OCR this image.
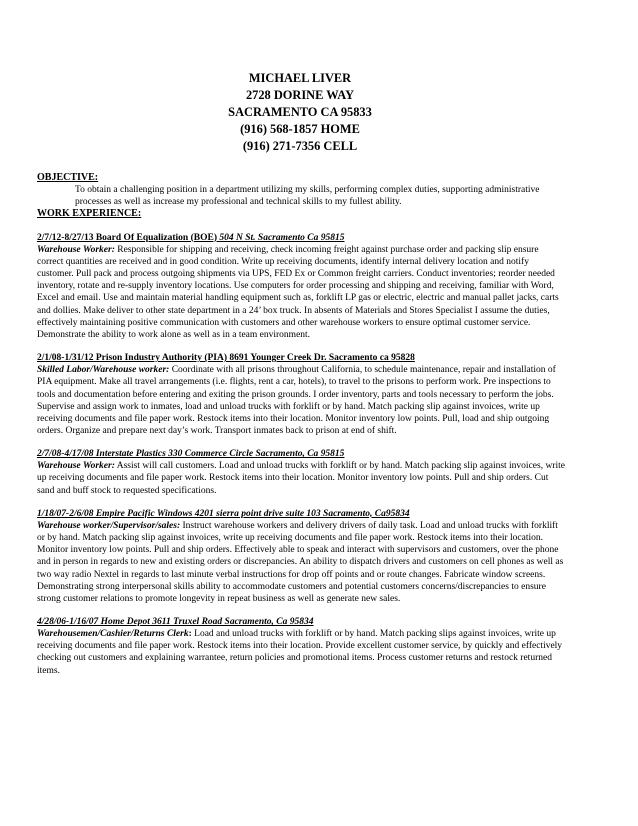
MICHAEL LIVER
2728 DORINE WAY
SACRAMENTO CA 95833
(916) 568-1857 HOME
(916) 271-7356 CELL
OBJECTIVE:

To obtain a challenging position in a department utilizing my skills, performing complex duties, supporting administrative processes as well as increase my professional and technical skills to my fullest ability.

WORK EXPERIENCE:
2/7/12-8/27/13 Board Of Equalization (BOE) 504 N St. Sacramento Ca 95815

Warehouse Worker: Responsible for shipping and receiving, check incoming freight against purchase order and packing slip ensure correct quantities are received and in good condition. Write up receiving documents, identify internal delivery location and notify customer. Pull pack and process outgoing shipments via UPS, FED Ex or Common freight carriers. Conduct inventories; reorder needed inventory, rotate and re-supply inventory locations. Use computers for order processing and shipping and receiving, familiar with Word, Excel and email. Use and maintain material handling equipment such as, forklift LP gas or electric, electric and manual pallet jacks, carts and dollies. Make deliver to other state department in a 24’ box truck. In absents of Materials and Stores Specialist I assume the duties, effectively maintaining positive communication with customers and other warehouse workers to ensure optimal customer service. Demonstrate the ability to work alone as well as in a team environment.

2/1/08-1/31/12 Prison Industry Authority (PIA) 8691 Younger Creek Dr. Sacramento ca 95828

Skilled Labor/Warehouse worker: Coordinate with all prisons throughout California, to schedule maintenance, repair and installation of PIA equipment. Make all travel arrangements (i.e. flights, rent a car, hotels), to travel to the prisons to perform work. Pre inspections to tools and documentation before entering and exiting the prison grounds. I order inventory, parts and tools necessary to perform the jobs. Supervise and assign work to inmates, load and unload trucks with forklift or by hand. Match packing slip against invoices, write up receiving documents and file paper work. Restock items into their location. Monitor inventory low points. Pull, load and ship outgoing orders. Organize and prepare next day’s work. Transport inmates back to prison at end of shift.

2/7/08-4/17/08 Interstate Plastics 330 Commerce Circle Sacramento, Ca 95815

Warehouse Worker: Assist will call customers. Load and unload trucks with forklift or by hand. Match packing slip against invoices, write up receiving documents and file paper work. Restock items into their location. Monitor inventory low points. Pull and ship orders. Cut sand and buff stock to requested specifications.

1/18/07-2/6/08 Empire Pacific Windows 4201 sierra point drive suite 103 Sacramento, Ca95834

Warehouse worker/Supervisor/sales: Instruct warehouse workers and delivery drivers of daily task. Load and unload trucks with forklift or by hand. Match packing slip against invoices, write up receiving documents and file paper work. Restock items into their location. Monitor inventory low points. Pull and ship orders. Effectively able to speak and interact with supervisors and customers, over the phone and in person in regards to new and existing orders or discrepancies. An ability to dispatch drivers and customers on cell phones as well as two way radio Nextel in regards to last minute verbal instructions for drop off points and or route changes. Fabricate window screens. Demonstrating strong interpersonal skills ability to accommodate customers and potential customers concerns/discrepancies to ensure strong customer relations to promote longevity in repeat business as well as generate new sales.

4/28/06-1/16/07 Home Depot 3611 Truxel Road Sacramento, Ca 95834

Warehousemen/Cashier/Returns Clerk: Load and unload trucks with forklift or by hand. Match packing slips against invoices, write up receiving documents and file paper work. Restock items into their location. Provide excellent customer service, by quickly and effectively checking out customers and explaining warrantee, return policies and promotional items. Process customer returns and restock returned items.
